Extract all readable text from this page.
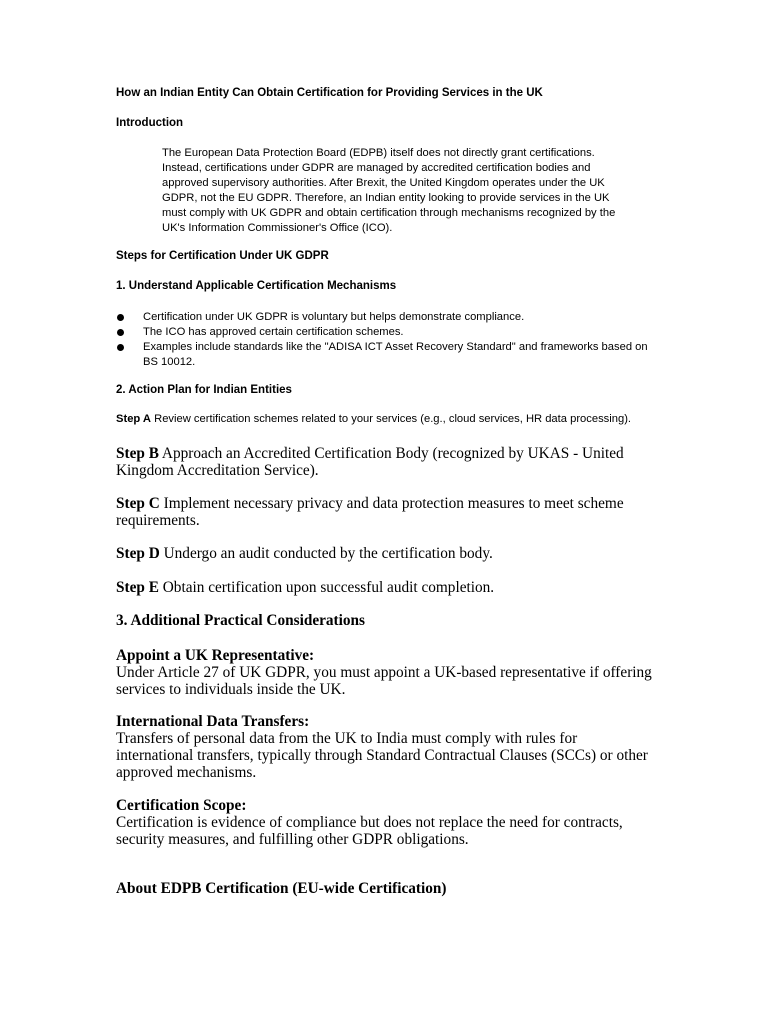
How an Indian Entity Can Obtain Certification for Providing Services in the UK
Introduction
The European Data Protection Board (EDPB) itself does not directly grant certifications.
Instead, certifications under GDPR are managed by accredited certification bodies and
approved supervisory authorities. After Brexit, the United Kingdom operates under the UK
GDPR, not the EU GDPR. Therefore, an Indian entity looking to provide services in the UK
must comply with UK GDPR and obtain certification through mechanisms recognized by the
UK's Information Commissioner's Office (ICO).
Steps for Certification Under UK GDPR
1. Understand Applicable Certification Mechanisms
Certification under UK GDPR is voluntary but helps demonstrate compliance.
The ICO has approved certain certification schemes.
Examples include standards like the "ADISA ICT Asset Recovery Standard" and frameworks based on BS 10012.
2. Action Plan for Indian Entities
Step A Review certification schemes related to your services (e.g., cloud services, HR data processing).
Step B Approach an Accredited Certification Body (recognized by UKAS - United Kingdom Accreditation Service).
Step C Implement necessary privacy and data protection measures to meet scheme requirements.
Step D Undergo an audit conducted by the certification body.
Step E Obtain certification upon successful audit completion.
3. Additional Practical Considerations
Appoint a UK Representative:
Under Article 27 of UK GDPR, you must appoint a UK-based representative if offering services to individuals inside the UK.
International Data Transfers:
Transfers of personal data from the UK to India must comply with rules for international transfers, typically through Standard Contractual Clauses (SCCs) or other approved mechanisms.
Certification Scope:
Certification is evidence of compliance but does not replace the need for contracts, security measures, and fulfilling other GDPR obligations.
About EDPB Certification (EU-wide Certification)
